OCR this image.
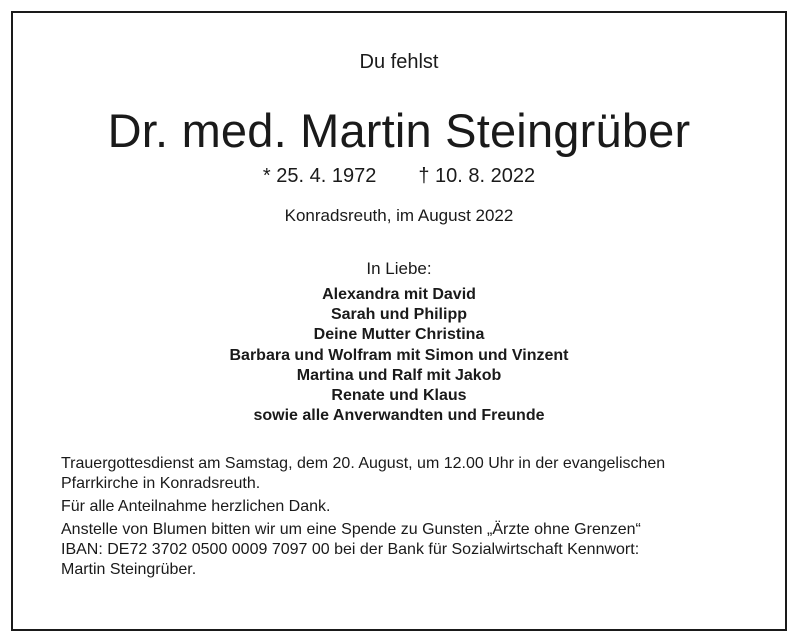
Du fehlst
Dr. med. Martin Steingrüber
* 25. 4. 1972 † 10. 8. 2022
Konradsreuth, im August 2022
In Liebe:
Alexandra mit David
Sarah und Philipp
Deine Mutter Christina
Barbara und Wolfram mit Simon und Vinzent
Martina und Ralf mit Jakob
Renate und Klaus
sowie alle Anverwandten und Freunde

Trauergottesdienst am Samstag, dem 20. August, um 12.00 Uhr in der evangelischen Pfarrkirche in Konradsreuth.

Für alle Anteilnahme herzlichen Dank.

Anstelle von Blumen bitten wir um eine Spende zu Gunsten „Ärzte ohne Grenzen“

IBAN: DE72 3702 0500 0009 7097 00 bei der Bank für Sozialwirtschaft Kennwort:

Martin Steingrüber.
